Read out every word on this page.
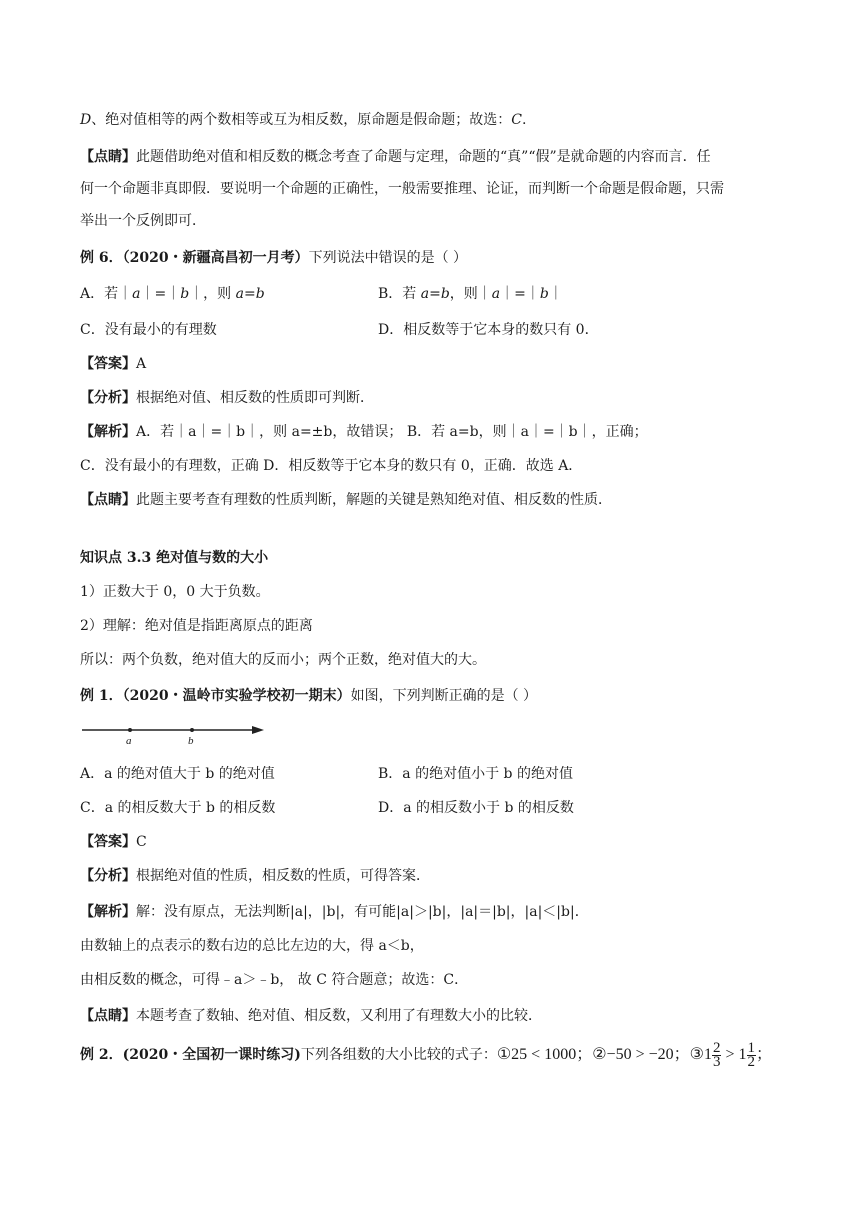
D、绝对值相等的两个数相等或互为相反数，原命题是假命题；故选：C.
【点睛】此题借助绝对值和相反数的概念考查了命题与定理，命题的“真”“假”是就命题的内容而言．任
何一个命题非真即假．要说明一个命题的正确性，一般需要推理、论证，而判断一个命题是假命题，只需
举出一个反例即可．
例 6．（2020・新疆高昌初一月考）下列说法中错误的是（ ）
A．若｜a｜=｜b｜，则 a=b	B．若 a=b，则｜a｜=｜b｜
C．没有最小的有理数	D．相反数等于它本身的数只有 0．
【答案】A
【分析】根据绝对值、相反数的性质即可判断．
【解析】A．若｜a｜=｜b｜，则 a=±b，故错误； B．若 a=b，则｜a｜=｜b｜，正确；
C．没有最小的有理数，正确 D．相反数等于它本身的数只有 0，正确．故选 A．
【点睛】此题主要考查有理数的性质判断，解题的关键是熟知绝对值、相反数的性质．
知识点 3.3 绝对值与数的大小
1）正数大于 0，0 大于负数。
2）理解：绝对值是指距离原点的距离
所以：两个负数，绝对值大的反而小；两个正数，绝对值大的大。
例 1．（2020・温岭市实验学校初一期末）如图，下列判断正确的是（ ）
a	b
A．a 的绝对值大于 b 的绝对值	B．a 的绝对值小于 b 的绝对值
C．a 的相反数大于 b 的相反数	D．a 的相反数小于 b 的相反数
【答案】C
【分析】根据绝对值的性质，相反数的性质，可得答案．
【解析】解：没有原点，无法判断|a|，|b|，有可能|a|＞|b|，|a|＝|b|，|a|＜|b|．
由数轴上的点表示的数右边的总比左边的大，得 a＜b，
由相反数的概念，可得﹣a＞﹣b， 故 C 符合题意；故选：C．
【点睛】本题考查了数轴、绝对值、相反数，又利用了有理数大小的比较．
例 2．(2020・全国初一课时练习)下列各组数的大小比较的式子：①25 < 1000；②−50 > −20；③1 $\frac{2}{3} > 1 \frac{1}{2}$ ；
